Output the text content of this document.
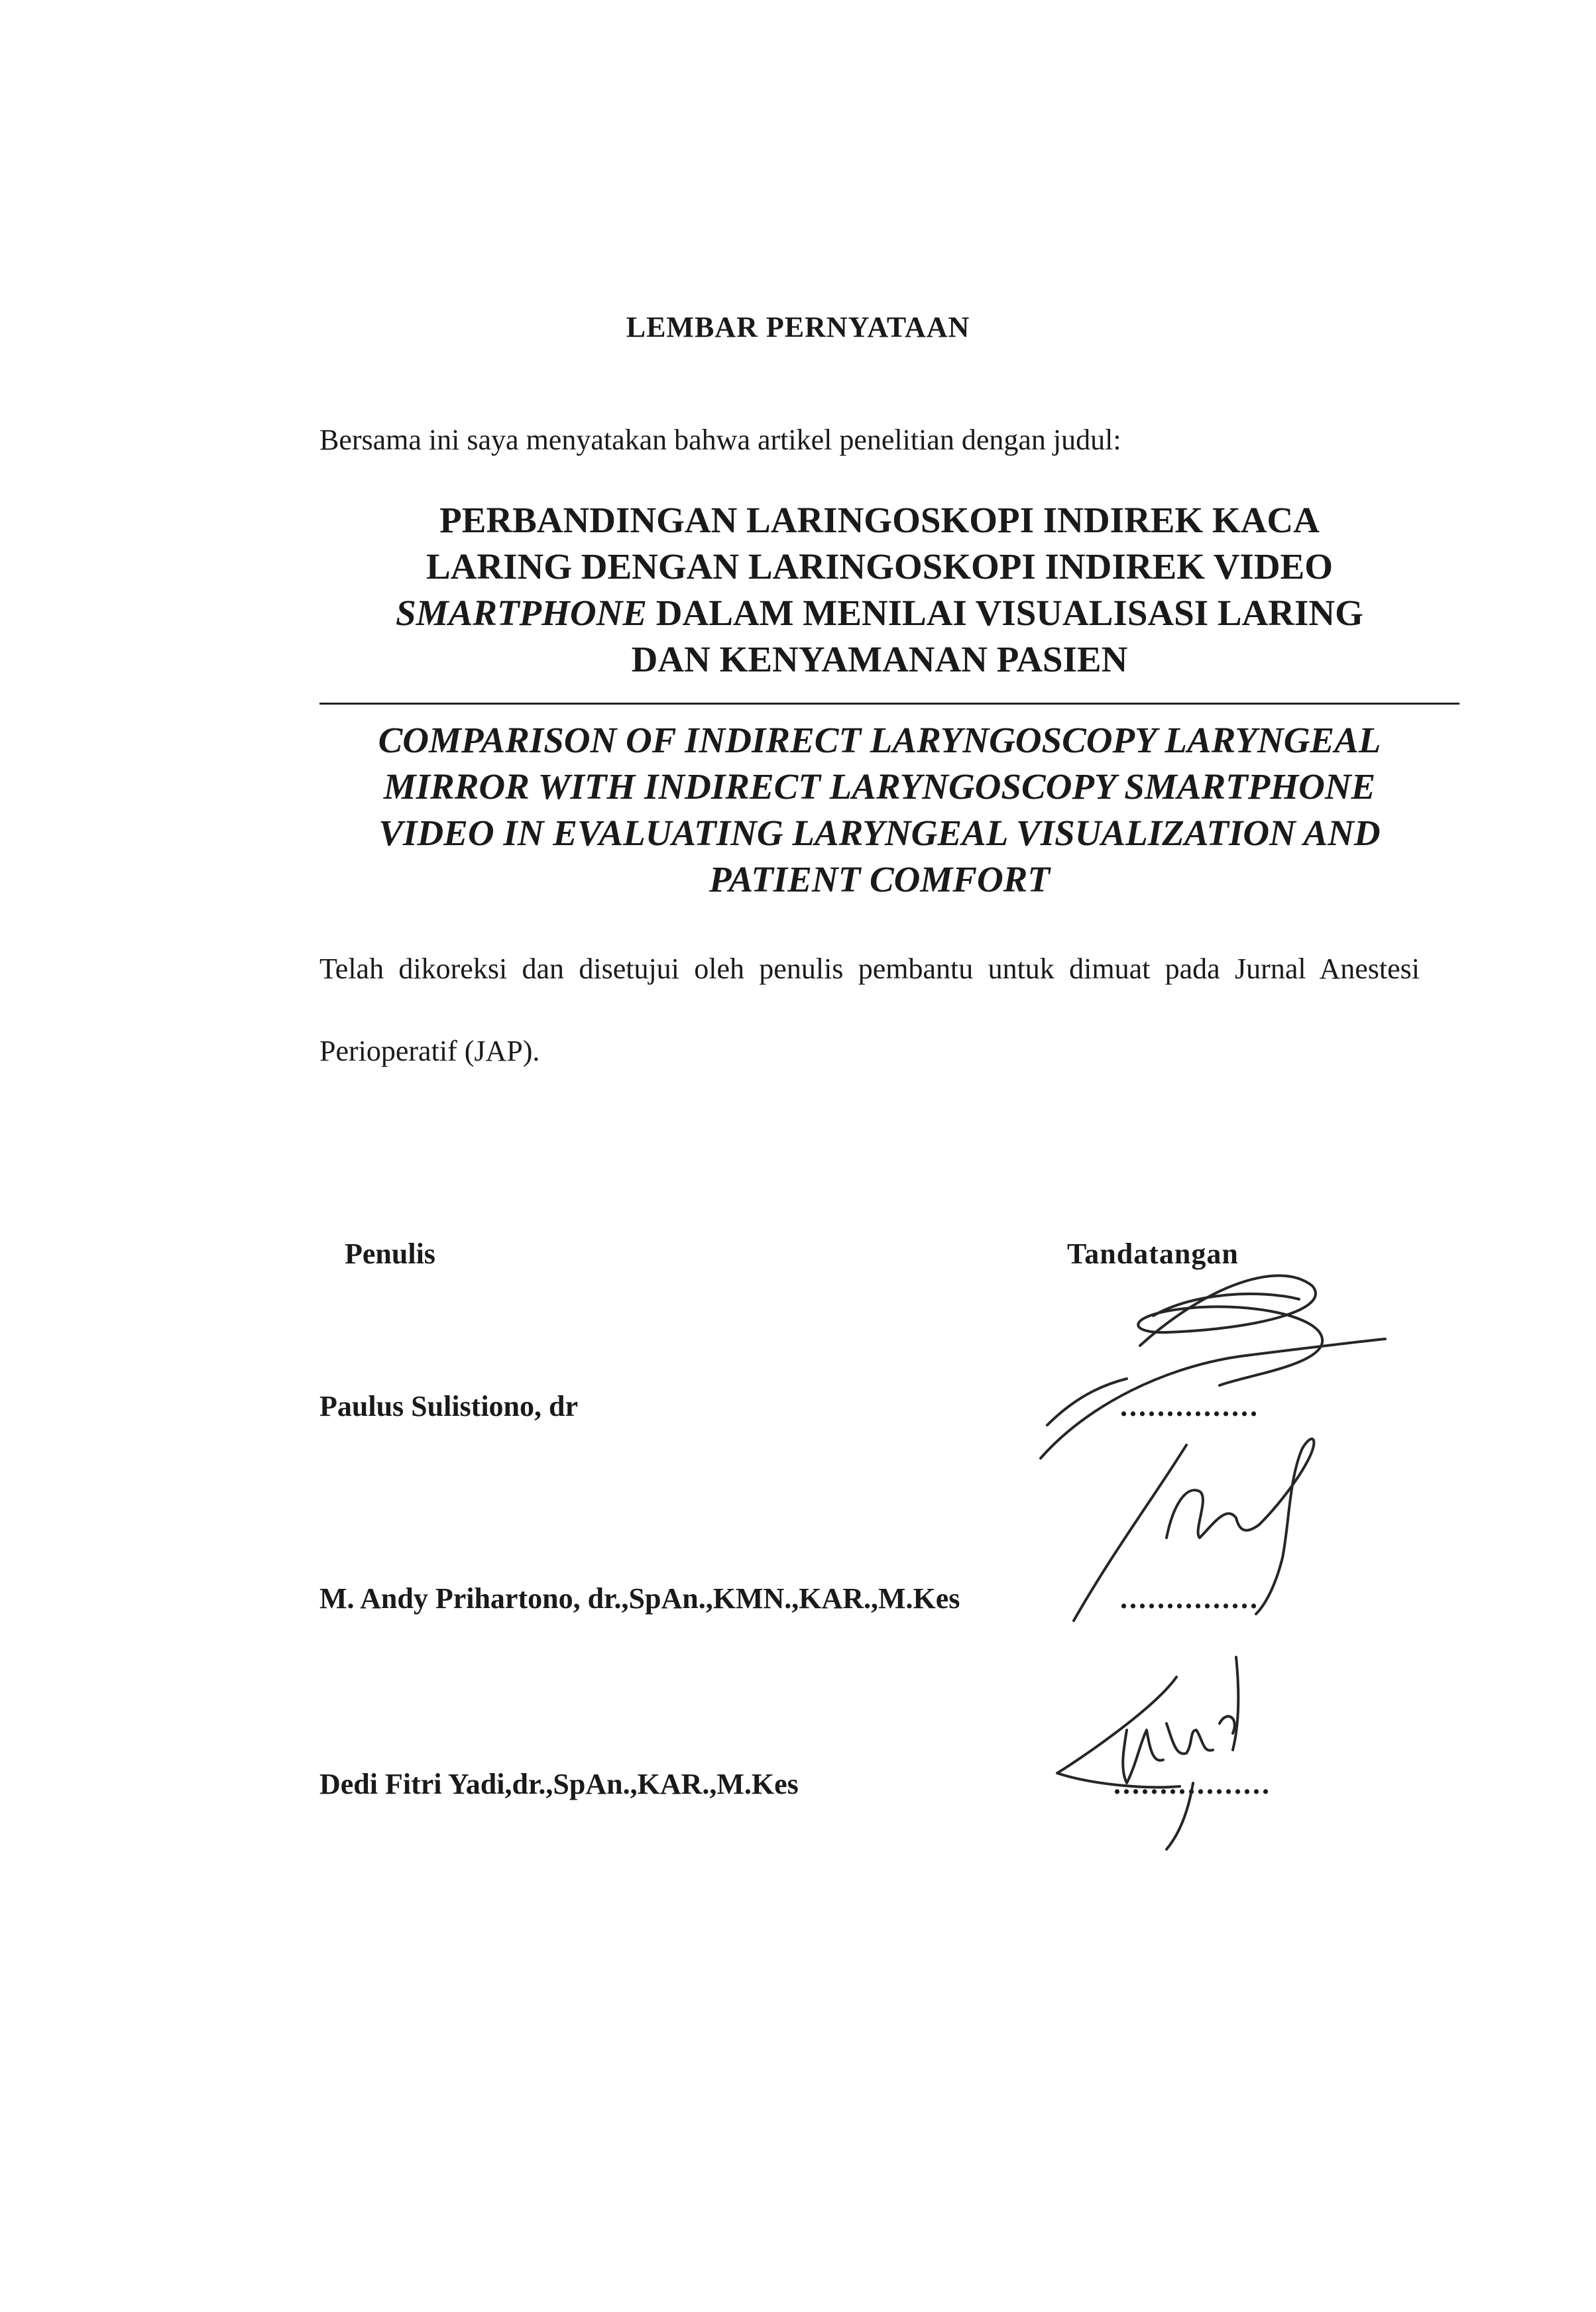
LEMBAR PERNYATAAN
Bersama ini saya menyatakan bahwa artikel penelitian dengan judul:
PERBANDINGAN LARINGOSKOPI INDIREK KACA
LARING DENGAN LARINGOSKOPI INDIREK VIDEO
SMARTPHONE DALAM MENILAI VISUALISASI LARING
DAN KENYAMANAN PASIEN
COMPARISON OF INDIRECT LARYNGOSCOPY LARYNGEAL
MIRROR WITH INDIRECT LARYNGOSCOPY SMARTPHONE
VIDEO IN EVALUATING LARYNGEAL VISUALIZATION AND
PATIENT COMFORT
Telah dikoreksi dan disetujui oleh penulis pembantu untuk dimuat pada Jurnal Anestesi Perioperatif (JAP).
Penulis	Tandatangan
Paulus Sulistiono, dr	...............
M. Andy Prihartono, dr.,SpAn.,KMN.,KAR.,M.Kes	...............
Dedi Fitri Yadi,dr.,SpAn.,KAR.,M.Kes	.................
